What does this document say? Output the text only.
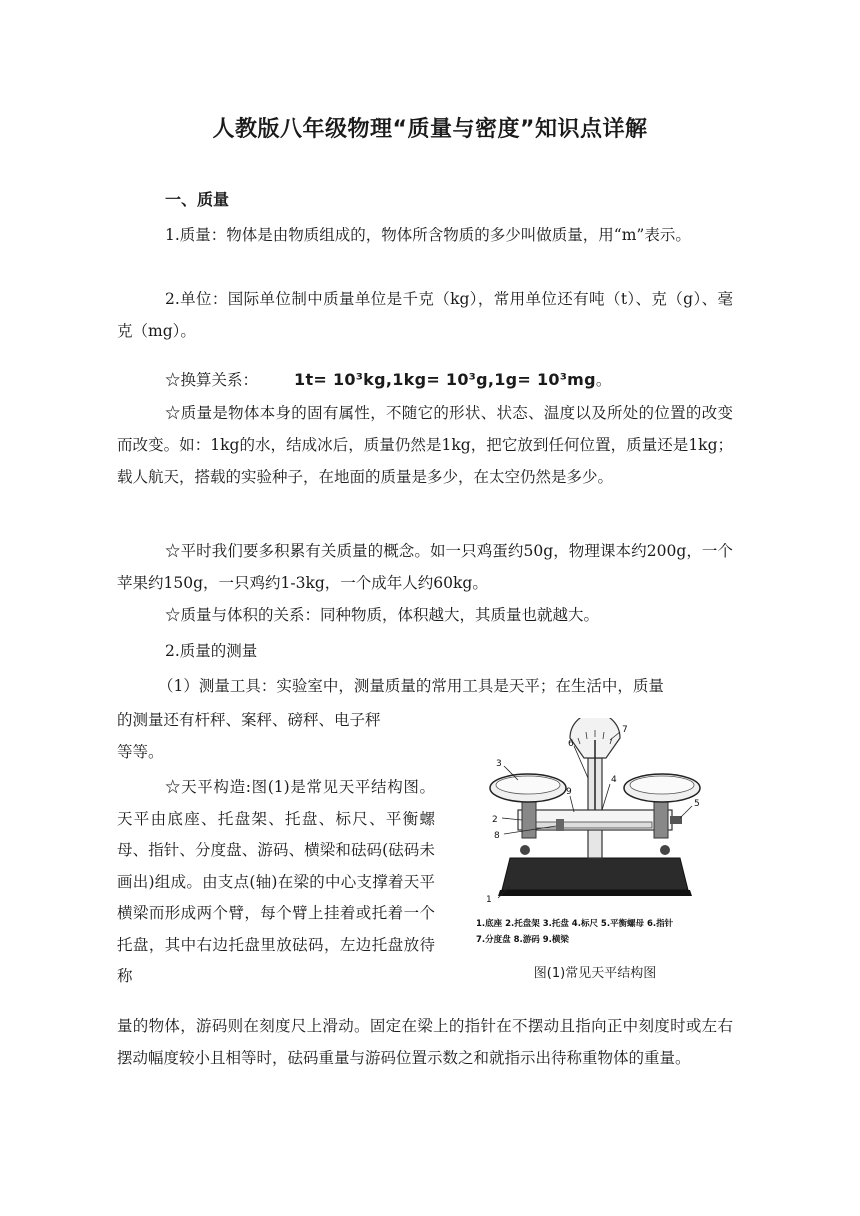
人教版八年级物理“质量与密度”知识点详解
一、质量
1.质量：物体是由物质组成的，物体所含物质的多少叫做质量，用“m”表示。
2.单位：国际单位制中质量单位是千克（kg），常用单位还有吨（t）、克（g）、毫克（mg）。
☆换算关系： 1t= 10³kg,1kg= 10³g,1g= 10³mg 。
☆质量是物体本身的固有属性，不随它的形状、状态、温度以及所处的位置的改变而改变。如：1kg的水，结成冰后，质量仍然是1kg，把它放到任何位置，质量还是1kg；载人航天，搭载的实验种子，在地面的质量是多少，在太空仍然是多少。
☆平时我们要多积累有关质量的概念。如一只鸡蛋约50g，物理课本约200g，一个苹果约150g，一只鸡约1-3kg，一个成年人约60kg。
☆质量与体积的关系：同种物质，体积越大，其质量也就越大。
2.质量的测量
（1）测量工具：实验室中，测量质量的常用工具是天平；在生活中，质量
的测量还有杆秤、案秤、磅秤、电子秤
等等。
☆天平构造:图(1)是常见天平结构图。天平由底座、托盘架、托盘、标尺、平衡螺母、指针、分度盘、游码、横梁和砝码(砝码未画出)组成。由支点(轴)在梁的中心支撑着天平横梁而形成两个臂，每个臂上挂着或托着一个托盘，其中右边托盘里放砝码，左边托盘放待称
量的物体，游码则在刻度尺上滑动。固定在梁上的指针在不摆动且指向正中刻度时或左右摆动幅度较小且相等时，砝码重量与游码位置示数之和就指示出待称重物体的重量。
1
2
3
4
5
6
7
8
9
1.底座 2.托盘架 3.托盘 4.标尺 5.平衡螺母 6.指针
7.分度盘 8.游码 9.横梁
图(1)常见天平结构图
